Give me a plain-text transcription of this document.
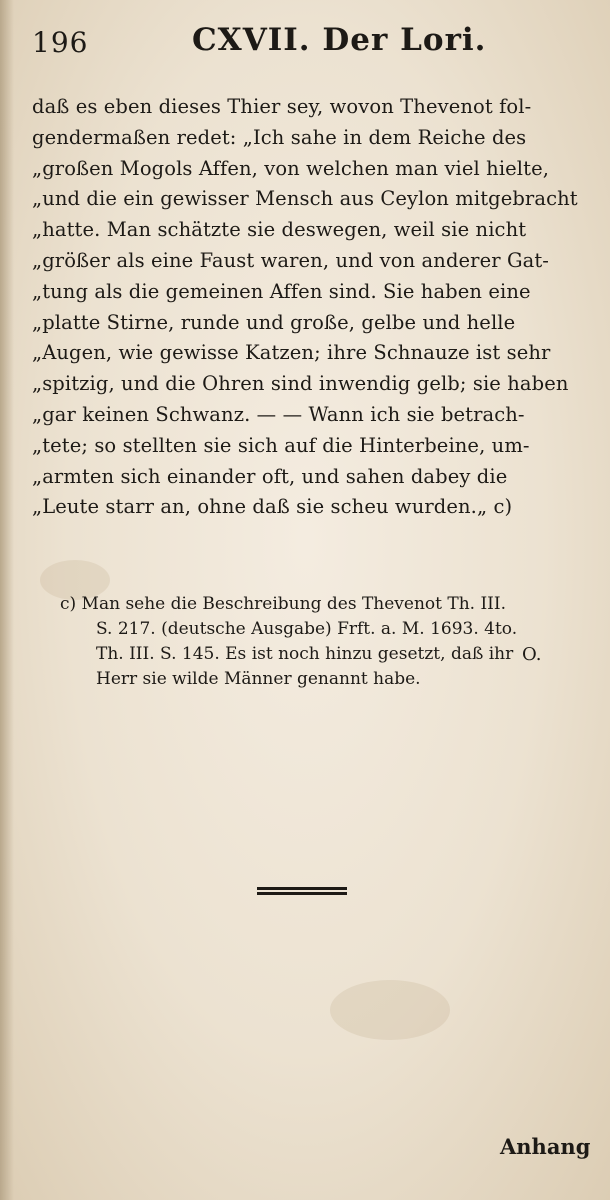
196	CXVII. Der Lori.
daß es eben dieses Thier sey, wovon Thevenot fol-
gendermaßen redet: „Ich sahe in dem Reiche des
„großen Mogols Affen, von welchen man viel hielte,
„und die ein gewisser Mensch aus Ceylon mitgebracht
„hatte. Man schätzte sie deswegen, weil sie nicht
„größer als eine Faust waren, und von anderer Gat-
„tung als die gemeinen Affen sind. Sie haben eine
„platte Stirne, runde und große, gelbe und helle
„Augen, wie gewisse Katzen; ihre Schnauze ist sehr
„spitzig, und die Ohren sind inwendig gelb; sie haben
„gar keinen Schwanz. — — Wann ich sie betrach-
„tete; so stellten sie sich auf die Hinterbeine, um-
„armten sich einander oft, und sahen dabey die
„Leute starr an, ohne daß sie scheu wurden.„ c)
c) Man sehe die Beschreibung des Thevenot Th. III.
S. 217. (deutsche Ausgabe) Frft. a. M. 1693. 4to.
Th. III. S. 145. Es ist noch hinzu gesetzt, daß ihr
Herr sie wilde Männer genannt habe.
O.
Anhang
